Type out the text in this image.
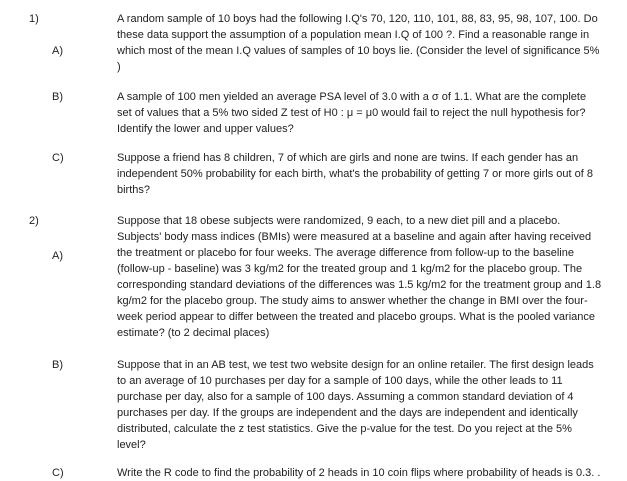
1)
A)
A random sample of 10 boys had the following I.Q's 70, 120, 110, 101, 88, 83, 95, 98, 107, 100. Do
these data support the assumption of a population mean I.Q of 100 ?. Find a reasonable range in
which most of the mean I.Q values of samples of 10 boys lie. (Consider the level of significance 5%
)
B)	A sample of 100 men yielded an average PSA level of 3.0 with a σ of 1.1. What are the complete
set of values that a 5% two sided Z test of H0 : μ = μ0 would fail to reject the null hypothesis for?
Identify the lower and upper values?
C)	Suppose a friend has 8 children, 7 of which are girls and none are twins. If each gender has an
independent 50% probability for each birth, what's the probability of getting 7 or more girls out of 8
births?
2)
A)
Suppose that 18 obese subjects were randomized, 9 each, to a new diet pill and a placebo.
Subjects' body mass indices (BMIs) were measured at a baseline and again after having received
the treatment or placebo for four weeks. The average difference from follow-up to the baseline
(follow-up - baseline) was 3 kg/m2 for the treated group and 1 kg/m2 for the placebo group. The
corresponding standard deviations of the differences was 1.5 kg/m2 for the treatment group and 1.8
kg/m2 for the placebo group. The study aims to answer whether the change in BMI over the four-
week period appear to differ between the treated and placebo groups. What is the pooled variance
estimate? (to 2 decimal places)
B)	Suppose that in an AB test, we test two website design for an online retailer. The first design leads
to an average of 10 purchases per day for a sample of 100 days, while the other leads to 11
purchase per day, also for a sample of 100 days. Assuming a common standard deviation of 4
purchases per day. If the groups are independent and the days are independent and identically
distributed, calculate the z test statistics. Give the p-value for the test. Do you reject at the 5%
level?
C)	Write the R code to find the probability of 2 heads in 10 coin flips where probability of heads is 0.3. .
